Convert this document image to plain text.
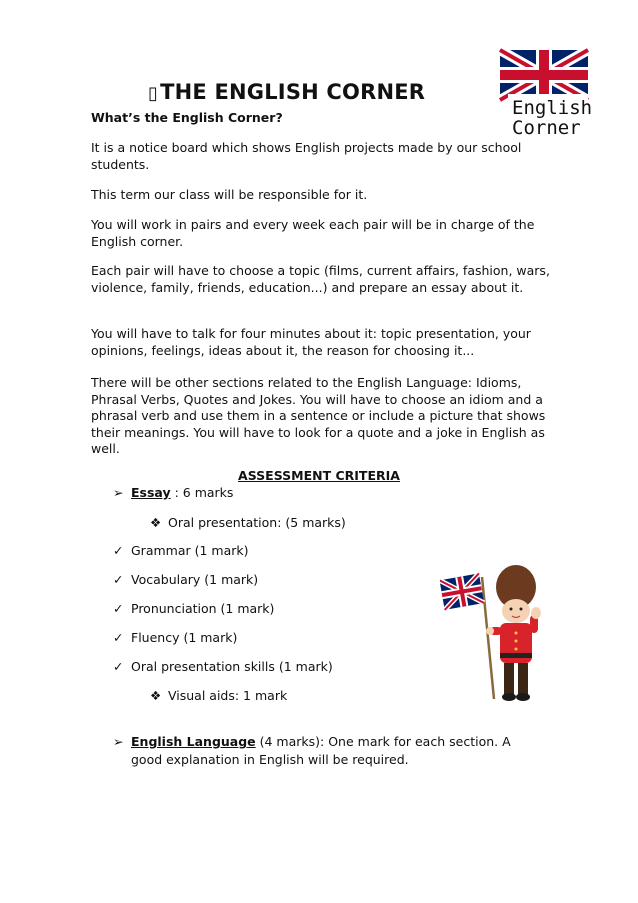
English
Corner
▯THE ENGLISH CORNER
What’s the English Corner?
It is a notice board which shows English projects made by our school students.
This term our class will be responsible for it.
You will work in pairs and every week each pair will be in charge of the English corner.
Each pair will have to choose a topic (films, current affairs, fashion, wars, violence, family, friends, education...) and prepare an essay about it.
You will have to talk for four minutes about it: topic presentation, your opinions, feelings, ideas about it, the reason for choosing it...
There will be other sections related to the English Language: Idioms, Phrasal Verbs, Quotes and Jokes. You will have to choose an idiom and a phrasal verb and use them in a sentence or include a picture that shows their meanings. You will have to look for a quote and a joke in English as well.
ASSESSMENT CRITERIA
➢ Essay : 6 marks
❖ Oral presentation: (5 marks)
✓ Grammar (1 mark)
✓ Vocabulary (1 mark)
✓ Pronunciation (1 mark)
✓ Fluency (1 mark)
✓ Oral presentation skills (1 mark)
❖ Visual aids: 1 mark
➢ English Language (4 marks): One mark for each section. A
good explanation in English will be required.
